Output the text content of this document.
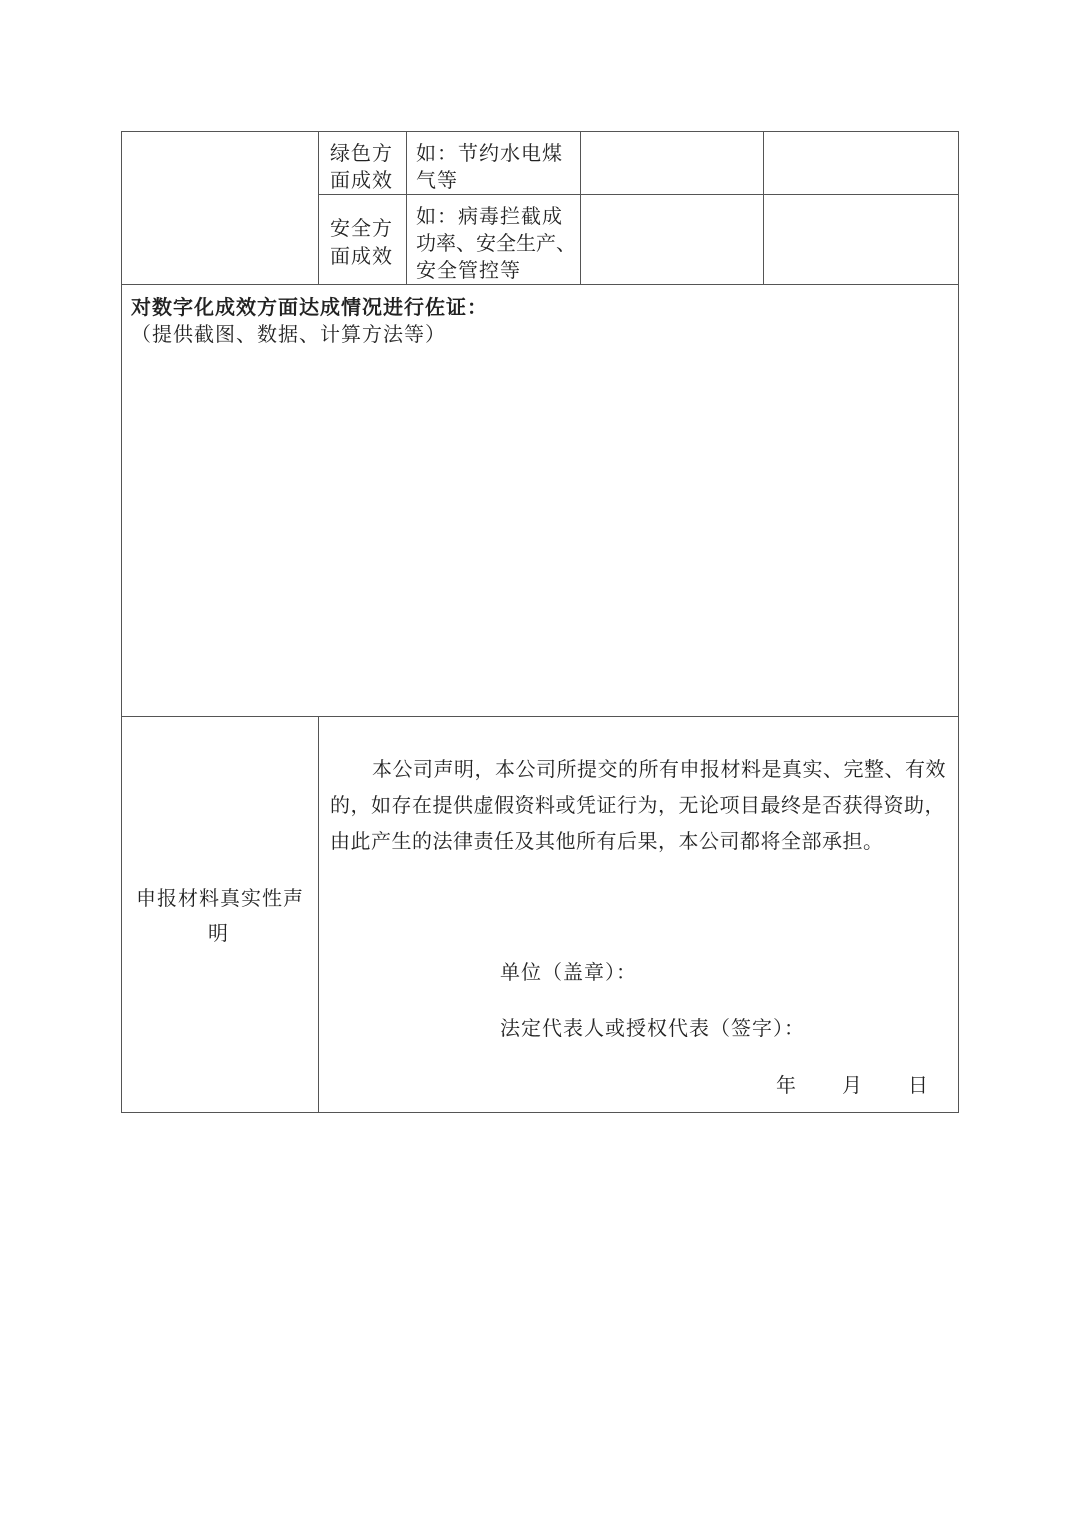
绿色方
面成效
如：节约水电煤
气等
安全方
面成效
如：病毒拦截成
功率、安全生产、
安全管控等
对数字化成效方面达成情况进行佐证：
（提供截图、数据、计算方法等）
申报材料真实性声
明
本公司声明，本公司所提交的所有申报材料是真实、完整、有效的，如存在提供虚假资料或凭证行为，无论项目最终是否获得资助，由此产生的法律责任及其他所有后果，本公司都将全部承担。
单位（盖章）：
法定代表人或授权代表（签字）：
年 月 日
